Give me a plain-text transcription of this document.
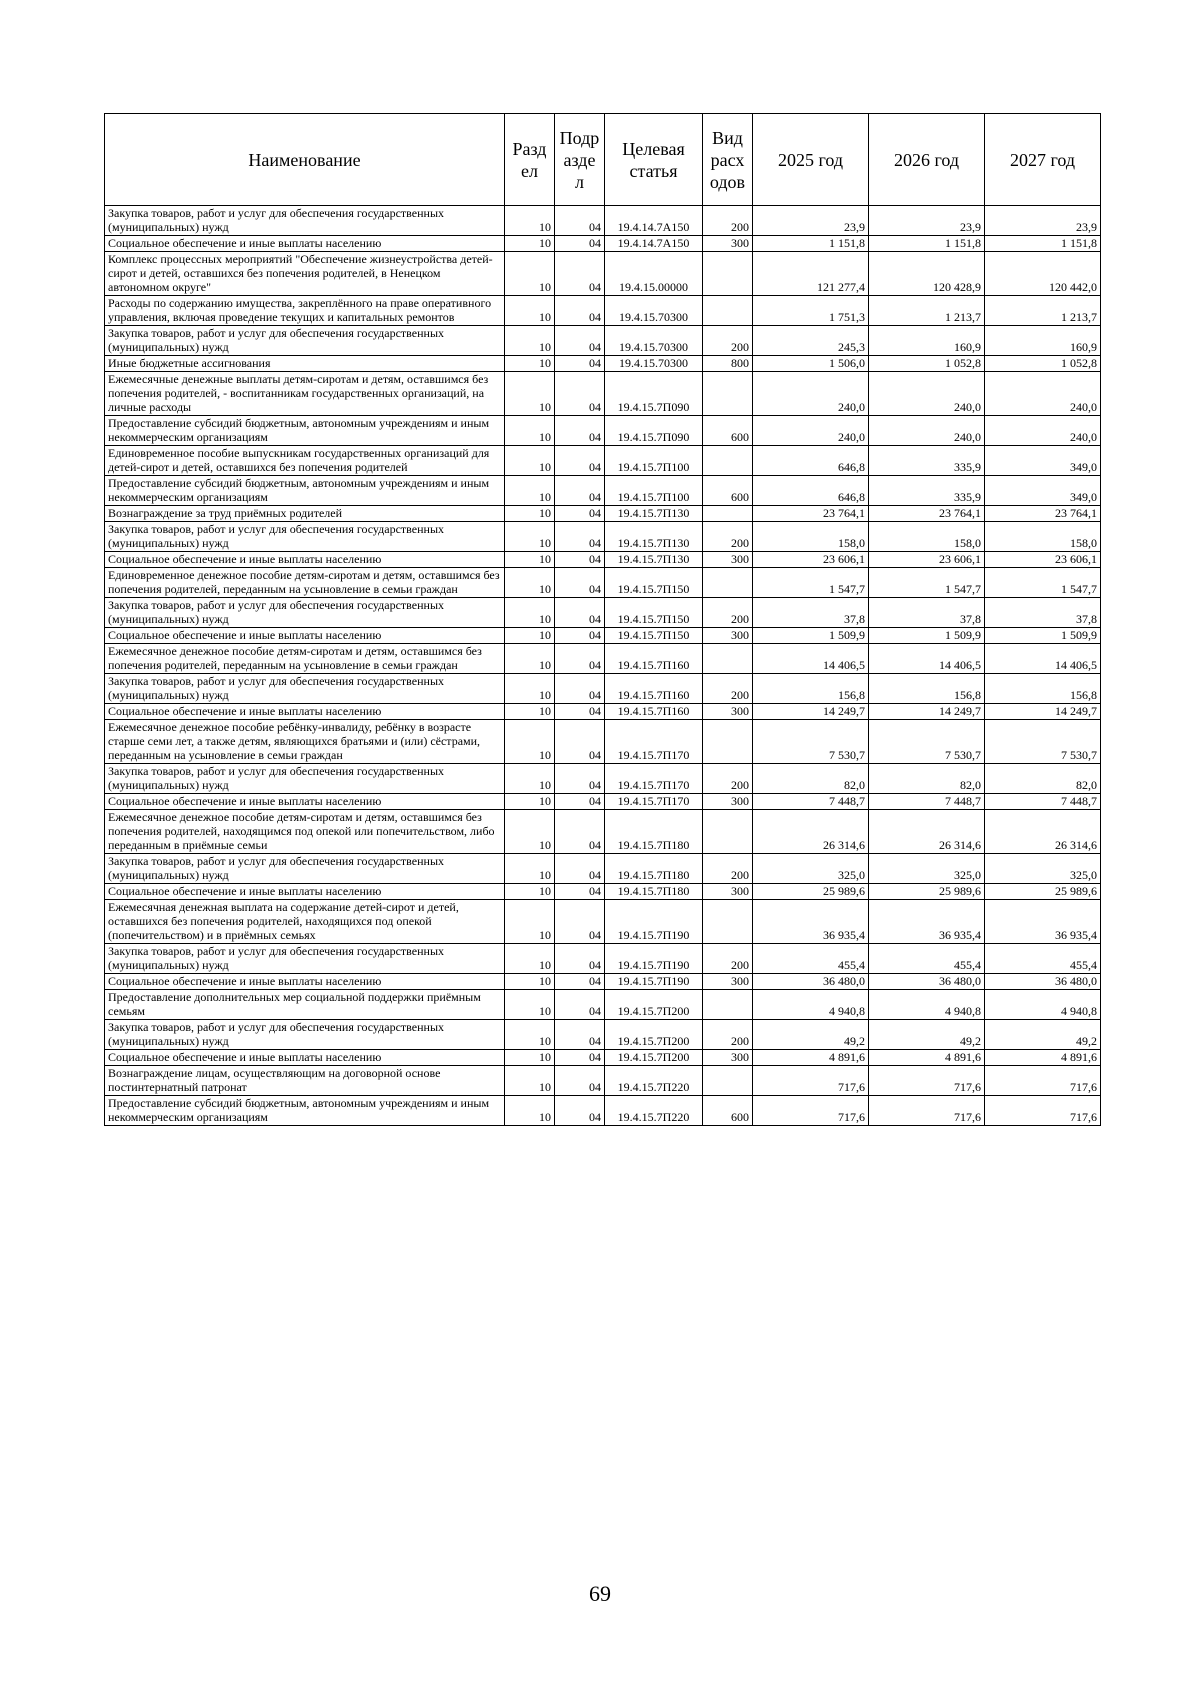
Наименование	Разд ел	Подр азде л	Целевая статья	Вид расх одов	2025 год	2026 год	2027 год
Закупка товаров, работ и услуг для обеспечения государственных (муниципальных) нужд	10	04	19.4.14.7А150	200	23,9	23,9	23,9
Социальное обеспечение и иные выплаты населению	10	04	19.4.14.7А150	300	1 151,8	1 151,8	1 151,8
Комплекс процессных мероприятий "Обеспечение жизнеустройства детей-сирот и детей, оставшихся без попечения родителей, в Ненецком автономном округе"	10	04	19.4.15.00000		121 277,4	120 428,9	120 442,0
Расходы по содержанию имущества, закреплённого на праве оперативного управления, включая проведение текущих и капитальных ремонтов	10	04	19.4.15.70300		1 751,3	1 213,7	1 213,7
Закупка товаров, работ и услуг для обеспечения государственных (муниципальных) нужд	10	04	19.4.15.70300	200	245,3	160,9	160,9
Иные бюджетные ассигнования	10	04	19.4.15.70300	800	1 506,0	1 052,8	1 052,8
Ежемесячные денежные выплаты детям-сиротам и детям, оставшимся без попечения родителей, - воспитанникам государственных организаций, на личные расходы	10	04	19.4.15.7П090		240,0	240,0	240,0
Предоставление субсидий бюджетным, автономным учреждениям и иным некоммерческим организациям	10	04	19.4.15.7П090	600	240,0	240,0	240,0
Единовременное пособие выпускникам государственных организаций для детей-сирот и детей, оставшихся без попечения родителей	10	04	19.4.15.7П100		646,8	335,9	349,0
Предоставление субсидий бюджетным, автономным учреждениям и иным некоммерческим организациям	10	04	19.4.15.7П100	600	646,8	335,9	349,0
Вознаграждение за труд приёмных родителей	10	04	19.4.15.7П130		23 764,1	23 764,1	23 764,1
Закупка товаров, работ и услуг для обеспечения государственных (муниципальных) нужд	10	04	19.4.15.7П130	200	158,0	158,0	158,0
Социальное обеспечение и иные выплаты населению	10	04	19.4.15.7П130	300	23 606,1	23 606,1	23 606,1
Единовременное денежное пособие детям-сиротам и детям, оставшимся без попечения родителей, переданным на усыновление в семьи граждан	10	04	19.4.15.7П150		1 547,7	1 547,7	1 547,7
Закупка товаров, работ и услуг для обеспечения государственных (муниципальных) нужд	10	04	19.4.15.7П150	200	37,8	37,8	37,8
Социальное обеспечение и иные выплаты населению	10	04	19.4.15.7П150	300	1 509,9	1 509,9	1 509,9
Ежемесячное денежное пособие детям-сиротам и детям, оставшимся без попечения родителей, переданным на усыновление в семьи граждан	10	04	19.4.15.7П160		14 406,5	14 406,5	14 406,5
Закупка товаров, работ и услуг для обеспечения государственных (муниципальных) нужд	10	04	19.4.15.7П160	200	156,8	156,8	156,8
Социальное обеспечение и иные выплаты населению	10	04	19.4.15.7П160	300	14 249,7	14 249,7	14 249,7
Ежемесячное денежное пособие ребёнку-инвалиду, ребёнку в возрасте старше семи лет, а также детям, являющихся братьями и (или) сёстрами, переданным на усыновление в семьи граждан	10	04	19.4.15.7П170		7 530,7	7 530,7	7 530,7
Закупка товаров, работ и услуг для обеспечения государственных (муниципальных) нужд	10	04	19.4.15.7П170	200	82,0	82,0	82,0
Социальное обеспечение и иные выплаты населению	10	04	19.4.15.7П170	300	7 448,7	7 448,7	7 448,7
Ежемесячное денежное пособие детям-сиротам и детям, оставшимся без попечения родителей, находящимся под опекой или попечительством, либо переданным в приёмные семьи	10	04	19.4.15.7П180		26 314,6	26 314,6	26 314,6
Закупка товаров, работ и услуг для обеспечения государственных (муниципальных) нужд	10	04	19.4.15.7П180	200	325,0	325,0	325,0
Социальное обеспечение и иные выплаты населению	10	04	19.4.15.7П180	300	25 989,6	25 989,6	25 989,6
Ежемесячная денежная выплата на содержание детей-сирот и детей, оставшихся без попечения родителей, находящихся под опекой (попечительством) и в приёмных семьях	10	04	19.4.15.7П190		36 935,4	36 935,4	36 935,4
Закупка товаров, работ и услуг для обеспечения государственных (муниципальных) нужд	10	04	19.4.15.7П190	200	455,4	455,4	455,4
Социальное обеспечение и иные выплаты населению	10	04	19.4.15.7П190	300	36 480,0	36 480,0	36 480,0
Предоставление дополнительных мер социальной поддержки приёмным семьям	10	04	19.4.15.7П200		4 940,8	4 940,8	4 940,8
Закупка товаров, работ и услуг для обеспечения государственных (муниципальных) нужд	10	04	19.4.15.7П200	200	49,2	49,2	49,2
Социальное обеспечение и иные выплаты населению	10	04	19.4.15.7П200	300	4 891,6	4 891,6	4 891,6
Вознаграждение лицам, осуществляющим на договорной основе постинтернатный патронат	10	04	19.4.15.7П220		717,6	717,6	717,6
Предоставление субсидий бюджетным, автономным учреждениям и иным некоммерческим организациям	10	04	19.4.15.7П220	600	717,6	717,6	717,6
69
